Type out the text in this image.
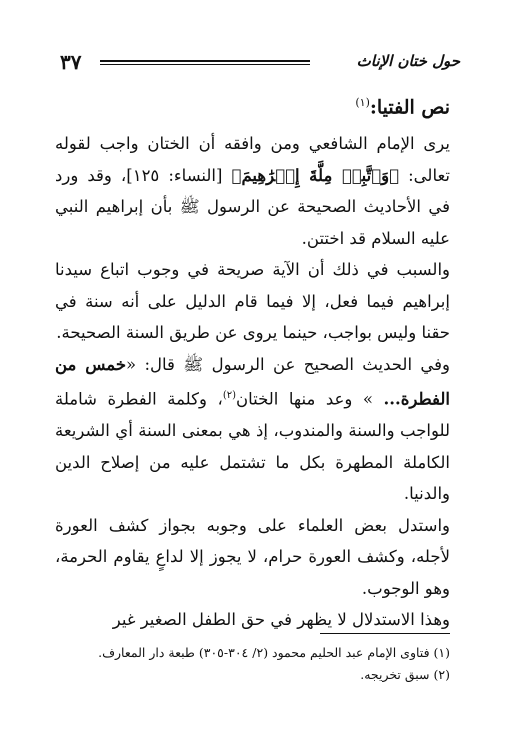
حول ختان الإناث
٣٧
نص الفتيا:$^{(١)}$

يرى الإمام الشافعي ومن وافقه أن الختان واجب لقوله تعالى: ﴿وَٱتَّبِعۡ مِلَّةَ إِبۡرَٰهِيمَ﴾ [النساء: ١٢٥]، وقد ورد في الأحاديث الصحيحة عن الرسول ﷺ بأن إبراهيم النبي عليه السلام قد اختتن.

والسبب في ذلك أن الآية صريحة في وجوب اتباع سيدنا إبراهيم فيما فعل، إلا فيما قام الدليل على أنه سنة في حقنا وليس بواجب، حينما يروى عن طريق السنة الصحيحة.

وفي الحديث الصحيح عن الرسول ﷺ قال: «خمس من الفطرة... » وعد منها الختان$^{(٢)}$، وكلمة الفطرة شاملة للواجب والسنة والمندوب، إذ هي بمعنى السنة أي الشريعة الكاملة المطهرة بكل ما تشتمل عليه من إصلاح الدين والدنيا.

واستدل بعض العلماء على وجوبه بجواز كشف العورة لأجله، وكشف العورة حرام، لا يجوز إلا لداعٍ يقاوم الحرمة، وهو الوجوب.

وهذا الاستدلال لا يظهر في حق الطفل الصغير غير

(١) فتاوى الإمام عبد الحليم محمود (٢/ ٣٠٤-٣٠٥) طبعة دار المعارف.

(٢) سبق تخريجه.
